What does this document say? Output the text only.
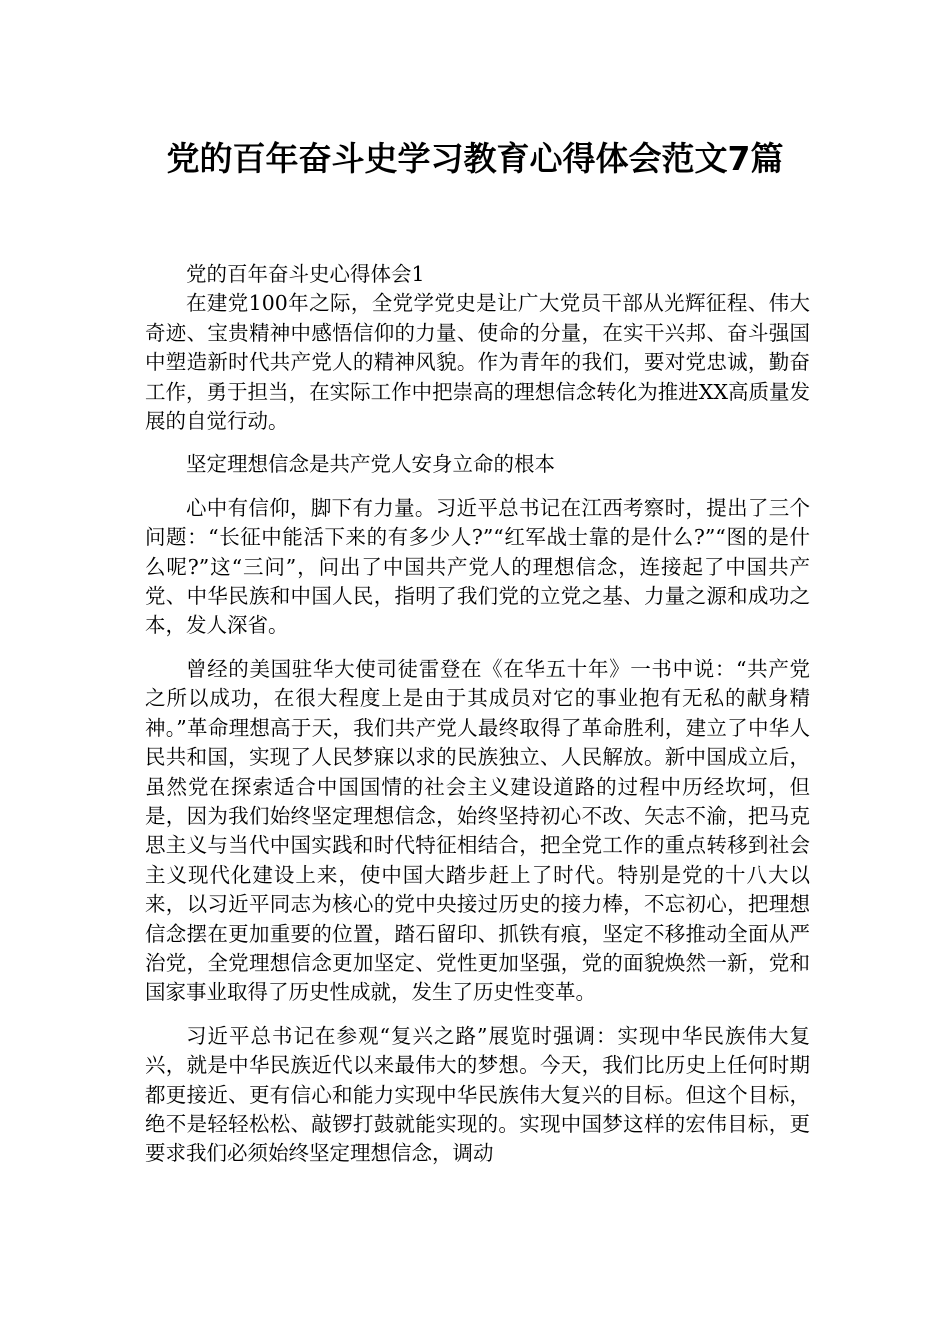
党的百年奋斗史学习教育心得体会范文7篇

党的百年奋斗史心得体会1

在建党100年之际，全党学党史是让广大党员干部从光辉征程、伟大奇迹、宝贵精神中感悟信仰的力量、使命的分量，在实干兴邦、奋斗强国中塑造新时代共产党人的精神风貌。作为青年的我们，要对党忠诚，勤奋工作，勇于担当，在实际工作中把崇高的理想信念转化为推进XX高质量发展的自觉行动。

坚定理想信念是共产党人安身立命的根本

心中有信仰，脚下有力量。习近平总书记在江西考察时，提出了三个问题：“长征中能活下来的有多少人?”“红军战士靠的是什么?”“图的是什么呢?”这“三问”，问出了中国共产党人的理想信念，连接起了中国共产党、中华民族和中国人民，指明了我们党的立党之基、力量之源和成功之本，发人深省。

曾经的美国驻华大使司徒雷登在《在华五十年》一书中说：“共产党之所以成功，在很大程度上是由于其成员对它的事业抱有无私的献身精神。”革命理想高于天，我们共产党人最终取得了革命胜利，建立了中华人民共和国，实现了人民梦寐以求的民族独立、人民解放。新中国成立后，虽然党在探索适合中国国情的社会主义建设道路的过程中历经坎坷，但是，因为我们始终坚定理想信念，始终坚持初心不改、矢志不渝，把马克思主义与当代中国实践和时代特征相结合，把全党工作的重点转移到社会主义现代化建设上来，使中国大踏步赶上了时代。特别是党的十八大以来，以习近平同志为核心的党中央接过历史的接力棒，不忘初心，把理想信念摆在更加重要的位置，踏石留印、抓铁有痕，坚定不移推动全面从严治党，全党理想信念更加坚定、党性更加坚强，党的面貌焕然一新，党和国家事业取得了历史性成就，发生了历史性变革。

习近平总书记在参观“复兴之路”展览时强调：实现中华民族伟大复兴，就是中华民族近代以来最伟大的梦想。今天，我们比历史上任何时期都更接近、更有信心和能力实现中华民族伟大复兴的目标。但这个目标，绝不是轻轻松松、敲锣打鼓就能实现的。实现中国梦这样的宏伟目标，更要求我们必须始终坚定理想信念，调动
